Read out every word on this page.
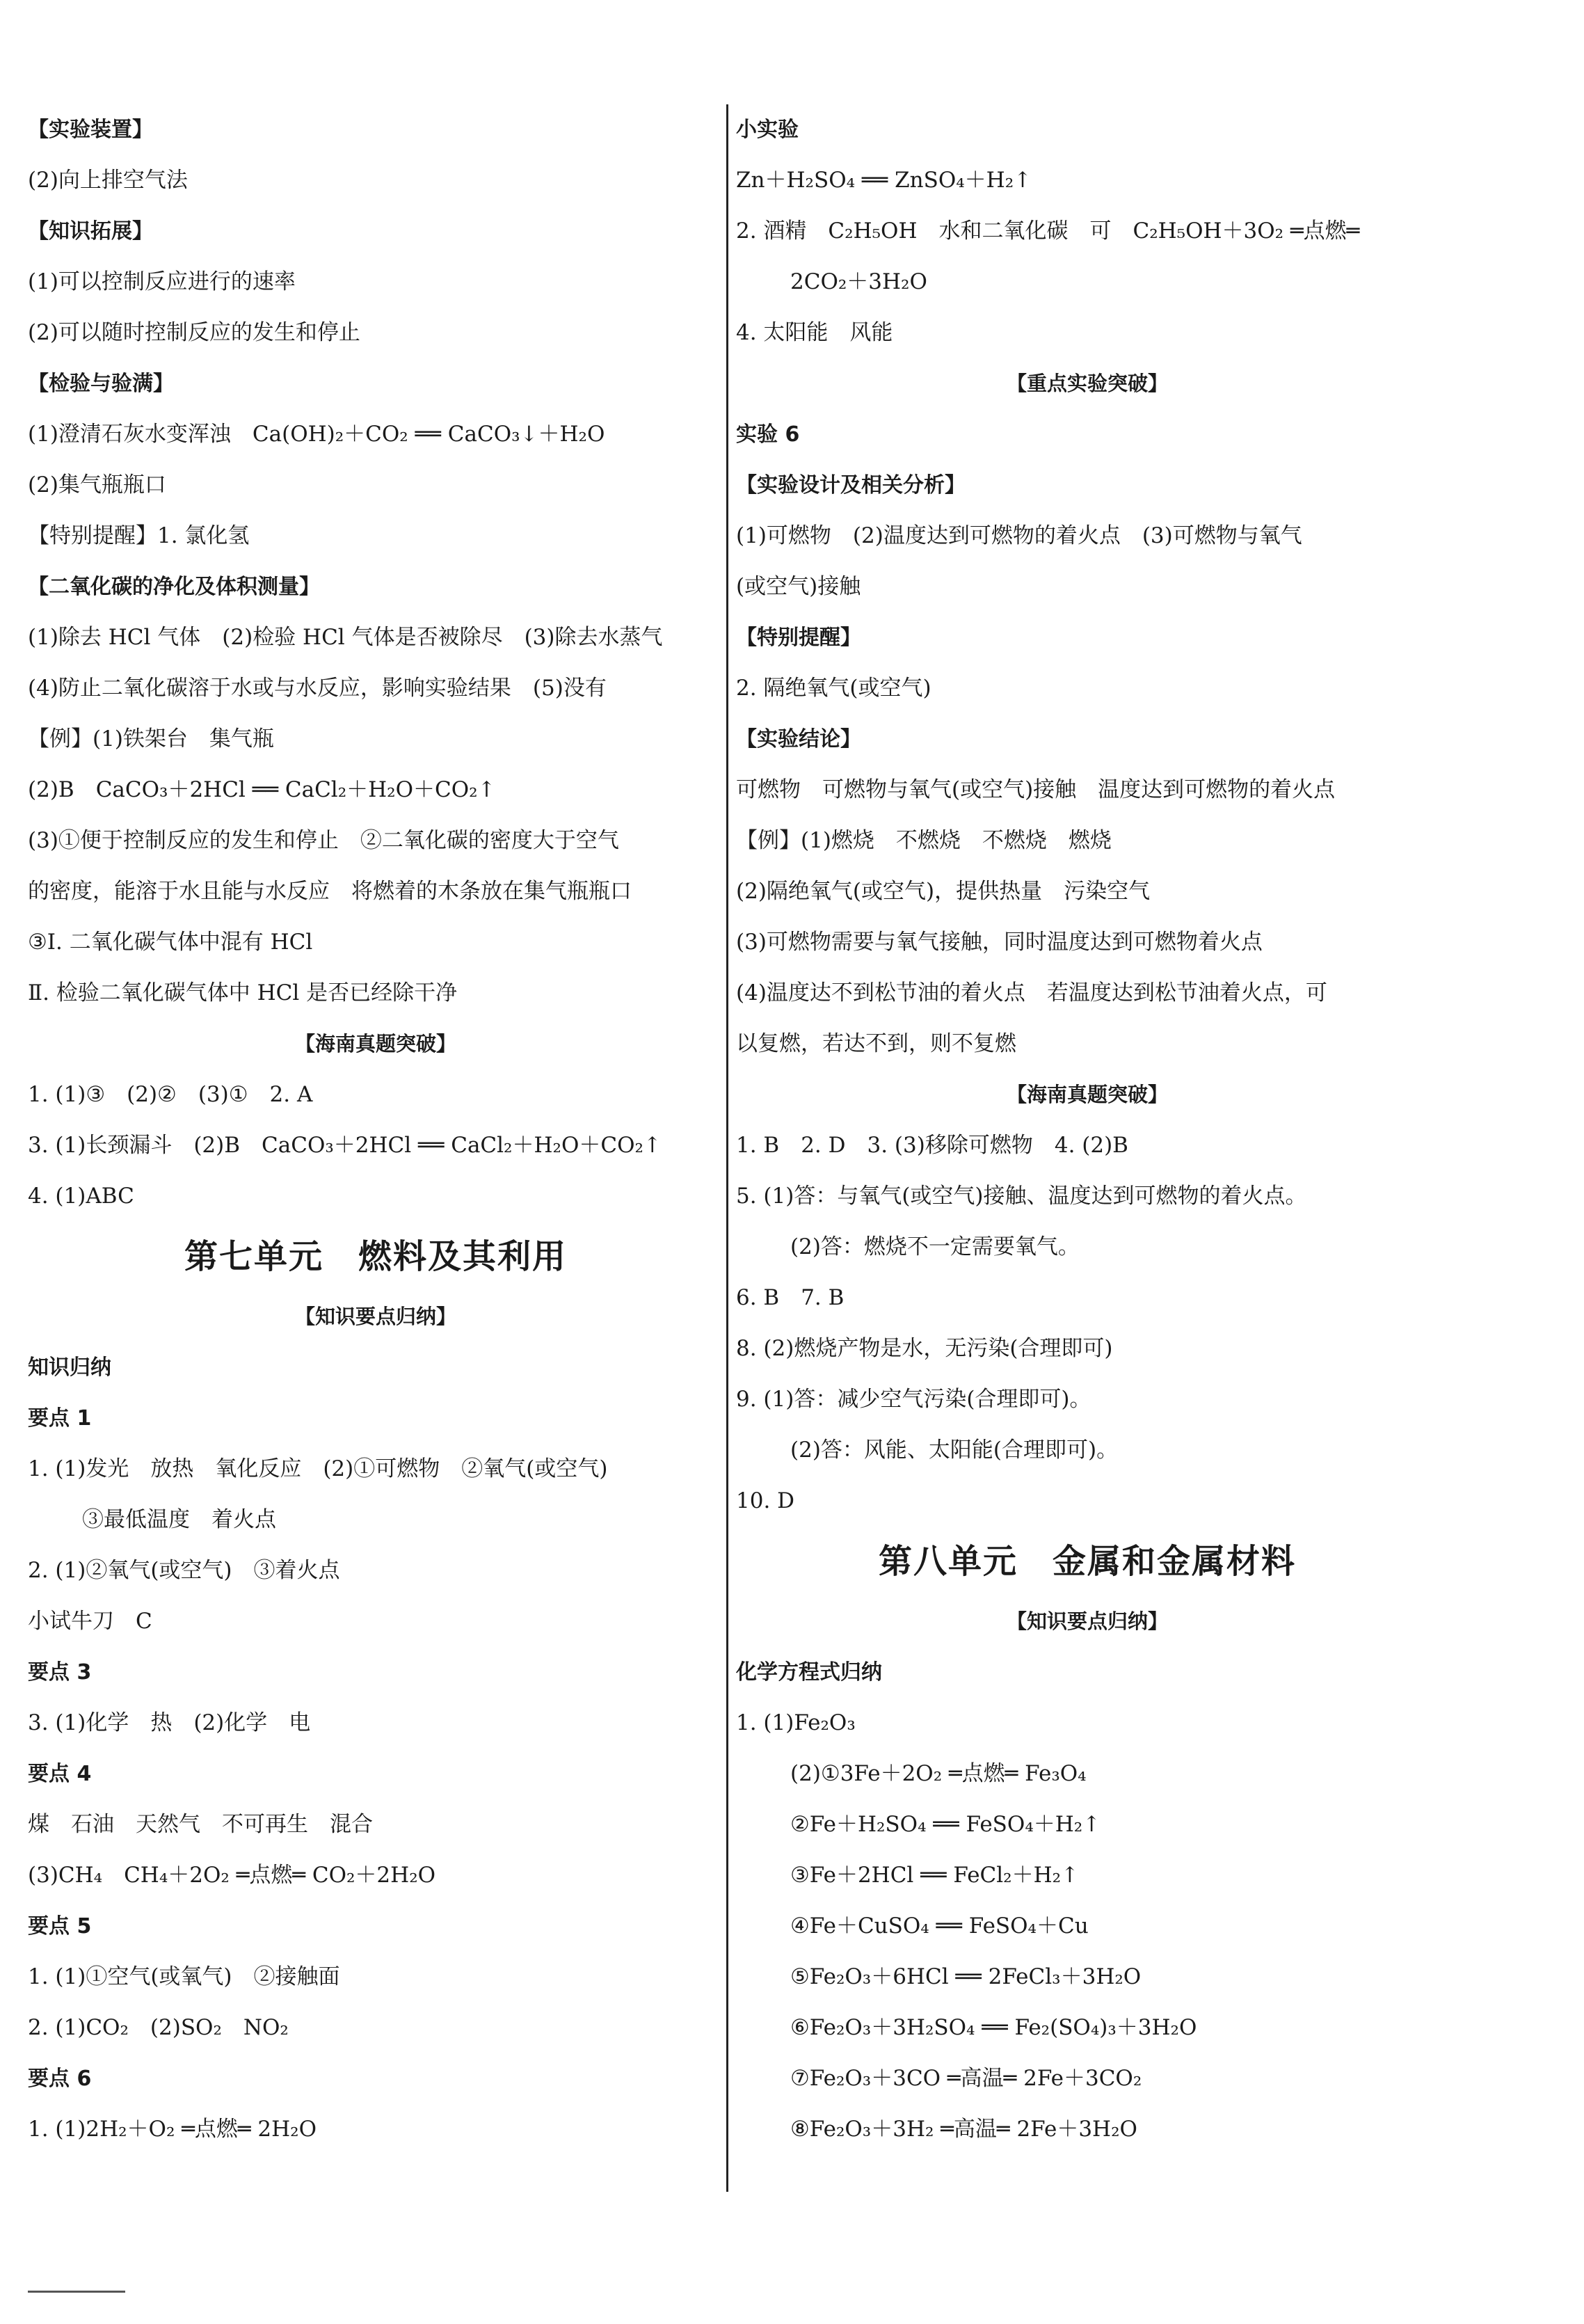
【实验装置】
(2)向上排空气法
【知识拓展】
(1)可以控制反应进行的速率
(2)可以随时控制反应的发生和停止
【检验与验满】
(1)澄清石灰水变浑浊　Ca(OH)₂＋CO₂ ══ CaCO₃↓＋H₂O
(2)集气瓶瓶口
【特别提醒】1. 氯化氢
【二氧化碳的净化及体积测量】
(1)除去 HCl 气体　(2)检验 HCl 气体是否被除尽　(3)除去水蒸气
(4)防止二氧化碳溶于水或与水反应，影响实验结果　(5)没有
【例】(1)铁架台　集气瓶
(2)B　CaCO₃＋2HCl ══ CaCl₂＋H₂O＋CO₂↑
(3)①便于控制反应的发生和停止　②二氧化碳的密度大于空气
的密度，能溶于水且能与水反应　将燃着的木条放在集气瓶瓶口
③Ⅰ. 二氧化碳气体中混有 HCl
Ⅱ. 检验二氧化碳气体中 HCl 是否已经除干净
【海南真题突破】
1. (1)③　(2)②　(3)①　2. A
3. (1)长颈漏斗　(2)B　CaCO₃＋2HCl ══ CaCl₂＋H₂O＋CO₂↑
4. (1)ABC
第七单元　燃料及其利用
【知识要点归纳】
知识归纳
要点 1
1. (1)发光　放热　氧化反应　(2)①可燃物　②氧气(或空气)
③最低温度　着火点
2. (1)②氧气(或空气)　③着火点
小试牛刀　C
要点 3
3. (1)化学　热　(2)化学　电
要点 4
煤　石油　天然气　不可再生　混合
(3)CH₄　CH₄＋2O₂ ═点燃═ CO₂＋2H₂O
要点 5
1. (1)①空气(或氧气)　②接触面
2. (1)CO₂　(2)SO₂　NO₂
要点 6
1. (1)2H₂＋O₂ ═点燃═ 2H₂O
小实验
Zn＋H₂SO₄ ══ ZnSO₄＋H₂↑
2. 酒精　C₂H₅OH　水和二氧化碳　可　C₂H₅OH＋3O₂ ═点燃═
2CO₂＋3H₂O
4. 太阳能　风能
【重点实验突破】
实验 6
【实验设计及相关分析】
(1)可燃物　(2)温度达到可燃物的着火点　(3)可燃物与氧气
(或空气)接触
【特别提醒】
2. 隔绝氧气(或空气)
【实验结论】
可燃物　可燃物与氧气(或空气)接触　温度达到可燃物的着火点
【例】(1)燃烧　不燃烧　不燃烧　燃烧
(2)隔绝氧气(或空气)，提供热量　污染空气
(3)可燃物需要与氧气接触，同时温度达到可燃物着火点
(4)温度达不到松节油的着火点　若温度达到松节油着火点，可
以复燃，若达不到，则不复燃
【海南真题突破】
1. B　2. D　3. (3)移除可燃物　4. (2)B
5. (1)答：与氧气(或空气)接触、温度达到可燃物的着火点。
(2)答：燃烧不一定需要氧气。
6. B　7. B
8. (2)燃烧产物是水，无污染(合理即可)
9. (1)答：减少空气污染(合理即可)。
(2)答：风能、太阳能(合理即可)。
10. D
第八单元　金属和金属材料
【知识要点归纳】
化学方程式归纳
1. (1)Fe₂O₃
(2)①3Fe＋2O₂ ═点燃═ Fe₃O₄
②Fe＋H₂SO₄ ══ FeSO₄＋H₂↑
③Fe＋2HCl ══ FeCl₂＋H₂↑
④Fe＋CuSO₄ ══ FeSO₄＋Cu
⑤Fe₂O₃＋6HCl ══ 2FeCl₃＋3H₂O
⑥Fe₂O₃＋3H₂SO₄ ══ Fe₂(SO₄)₃＋3H₂O
⑦Fe₂O₃＋3CO ═高温═ 2Fe＋3CO₂
⑧Fe₂O₃＋3H₂ ═高温═ 2Fe＋3H₂O
